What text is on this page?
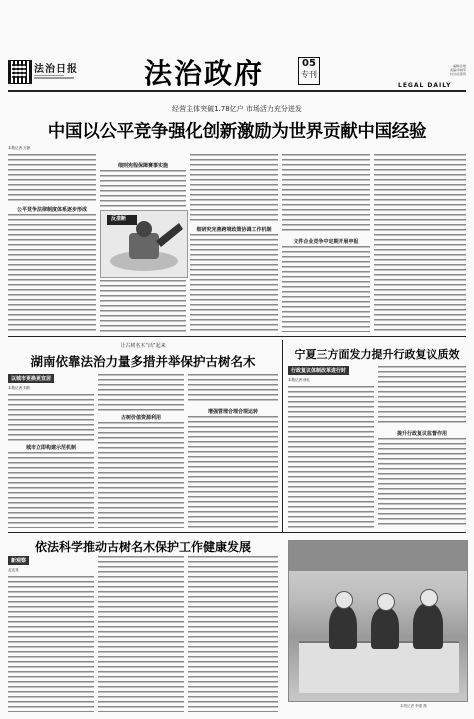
法治日报 法治政府	05
专刊
编辑/张维
美编/李晓军
校对/张胜利
LEGAL DAILY
经营主体突破1.78亿户 市场活力充分迸发
中国以公平竞争强化创新激励为世界贡献中国经验
本报记者 万静
公平竞争法律制度体系逐步形成
反垄断
细则宪程保障赛事实施
细研究完善跨境政策协调工作机制
文件企业竞争中定期开展申报
让古树名木“活”起来
湖南依靠法治力量多措并举保护古树名木
以城市更换更宜居
本报记者 刘欣
城市立即构建示范机制
古树价值资源利用
增强管理合理合规运转
宁夏三方面发力提升行政复议质效
行政复议体制改革进行时
本报记者 徐弘
提升行政复议监督作用
依法科学推动古树名木保护工作健康发展
新观察
孟宪尧
本报记者 李强 摄
